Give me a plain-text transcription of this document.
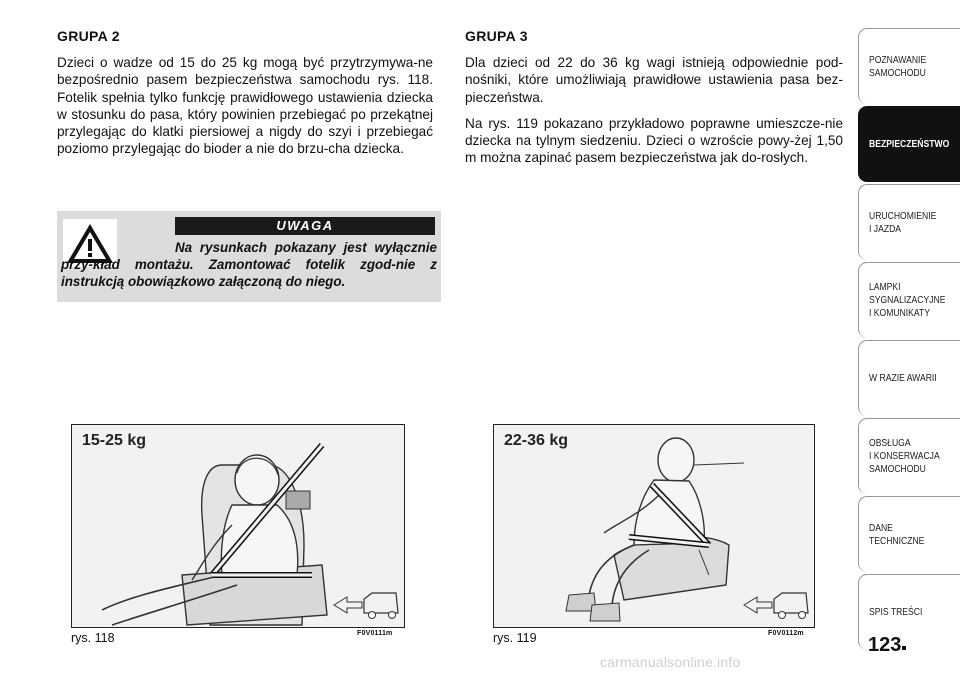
GRUPA 2
Dzieci o wadze od 15 do 25 kg mogą być przytrzymywa-ne bezpośrednio pasem bezpieczeństwa samochodu rys. 118. Fotelik spełnia tylko funkcję prawidłowego ustawienia dziecka w stosunku do pasa, który powinien przebiegać po przekątnej przylegając do klatki piersiowej a nigdy do szyi i przebiegać poziomo przylegając do bioder a nie do brzu-cha dziecka.
UWAGA
Na rysunkach pokazany jest wyłącznie przy-kład montażu. Zamontować fotelik zgod-nie z instrukcją obowiązkowo załączoną do niego.
GRUPA 3
Dla dzieci od 22 do 36 kg wagi istnieją odpowiednie pod-nośniki, które umożliwiają prawidłowe ustawienia pasa bez-pieczeństwa.
Na rys. 119 pokazano przykładowo poprawne umieszcze-nie dziecka na tylnym siedzeniu. Dzieci o wzroście powy-żej 1,50 m można zapinać pasem bezpieczeństwa jak do-rosłych.
15-25 kg
rys. 118	F0V0111m
22-36 kg
rys. 119	F0V0112m
POZNAWANIE
SAMOCHODU
BEZPIECZEŃSTWO
URUCHOMIENIE
I JAZDA
LAMPKI
SYGNALIZACYJNE
I KOMUNIKATY
W RAZIE AWARII
OBSŁUGA
I KONSERWACJA
SAMOCHODU
DANE
TECHNICZNE
SPIS TREŚCI
123
carmanualsonline.info
